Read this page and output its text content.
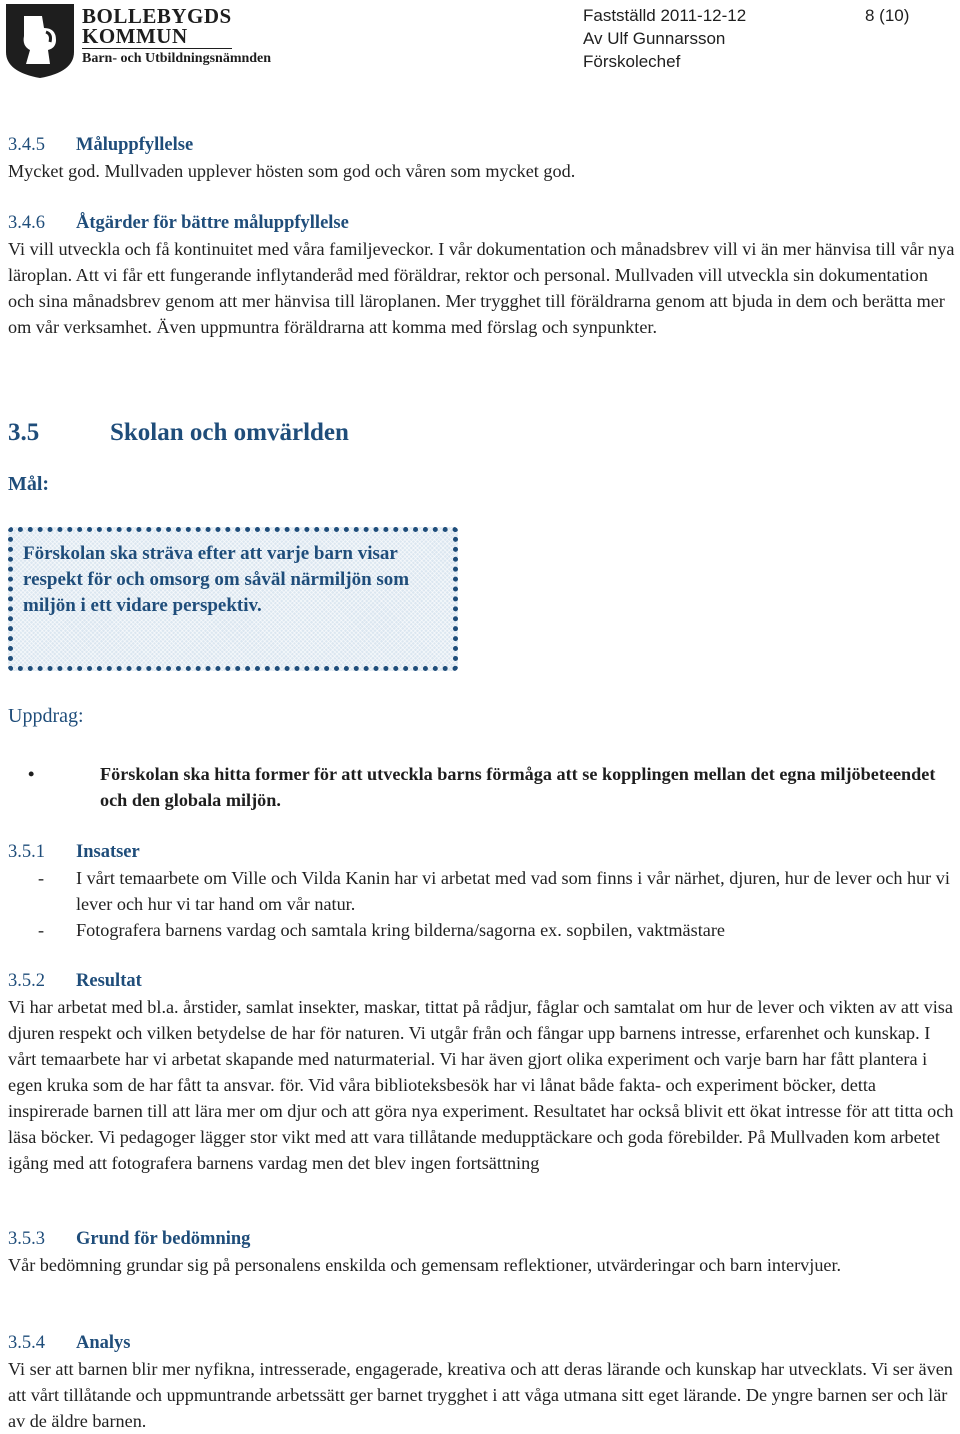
BOLLEBYGDS
KOMMUN
Barn- och Utbildningsnämnden
Fastställd 2011-12-12
Av Ulf Gunnarsson
Förskolechef
8 (10)
3.4.5 Måluppfyllelse
Mycket god. Mullvaden upplever hösten som god och våren som mycket god.
3.4.6 Åtgärder för bättre måluppfyllelse
Vi vill utveckla och få kontinuitet med våra familjeveckor. I vår dokumentation och månadsbrev vill vi än mer hänvisa till vår nya läroplan. Att vi får ett fungerande inflytanderåd med föräldrar, rektor och personal. Mullvaden vill utveckla sin dokumentation och sina månadsbrev genom att mer hänvisa till läroplanen. Mer trygghet till föräldrarna genom att bjuda in dem och berätta mer om vår verksamhet. Även uppmuntra föräldrarna att komma med förslag och synpunkter.
3.5	Skolan och omvärlden
Mål:
Förskolan ska sträva efter att varje barn visar respekt för och omsorg om såväl närmiljön som miljön i ett vidare perspektiv.
Uppdrag:
•	Förskolan ska hitta former för att utveckla barns förmåga att se kopplingen mellan det egna miljöbeteendet och den globala miljön.
3.5.1 Insatser
- I vårt temaarbete om Ville och Vilda Kanin har vi arbetat med vad som finns i vår närhet, djuren, hur de lever och hur vi lever och hur vi tar hand om vår natur.
- Fotografera barnens vardag och samtala kring bilderna/sagorna ex. sopbilen, vaktmästare
3.5.2 Resultat
Vi har arbetat med bl.a. årstider, samlat insekter, maskar, tittat på rådjur, fåglar och samtalat om hur de lever och vikten av att visa djuren respekt och vilken betydelse de har för naturen. Vi utgår från och fångar upp barnens intresse, erfarenhet och kunskap. I vårt temaarbete har vi arbetat skapande med naturmaterial. Vi har även gjort olika experiment och varje barn har fått plantera i egen kruka som de har fått ta ansvar. för. Vid våra biblioteksbesök har vi lånat både fakta- och experiment böcker, detta inspirerade barnen till att lära mer om djur och att göra nya experiment. Resultatet har också blivit ett ökat intresse för att titta och läsa böcker. Vi pedagoger lägger stor vikt med att vara tillåtande medupptäckare och goda förebilder. På Mullvaden kom arbetet igång med att fotografera barnens vardag men det blev ingen fortsättning
3.5.3 Grund för bedömning
Vår bedömning grundar sig på personalens enskilda och gemensam reflektioner, utvärderingar och barn intervjuer.
3.5.4 Analys
Vi ser att barnen blir mer nyfikna, intresserade, engagerade, kreativa och att deras lärande och kunskap har utvecklats. Vi ser även att vårt tillåtande och uppmuntrande arbetssätt ger barnet trygghet i att våga utmana sitt eget lärande. De yngre barnen ser och lär av de äldre barnen.
